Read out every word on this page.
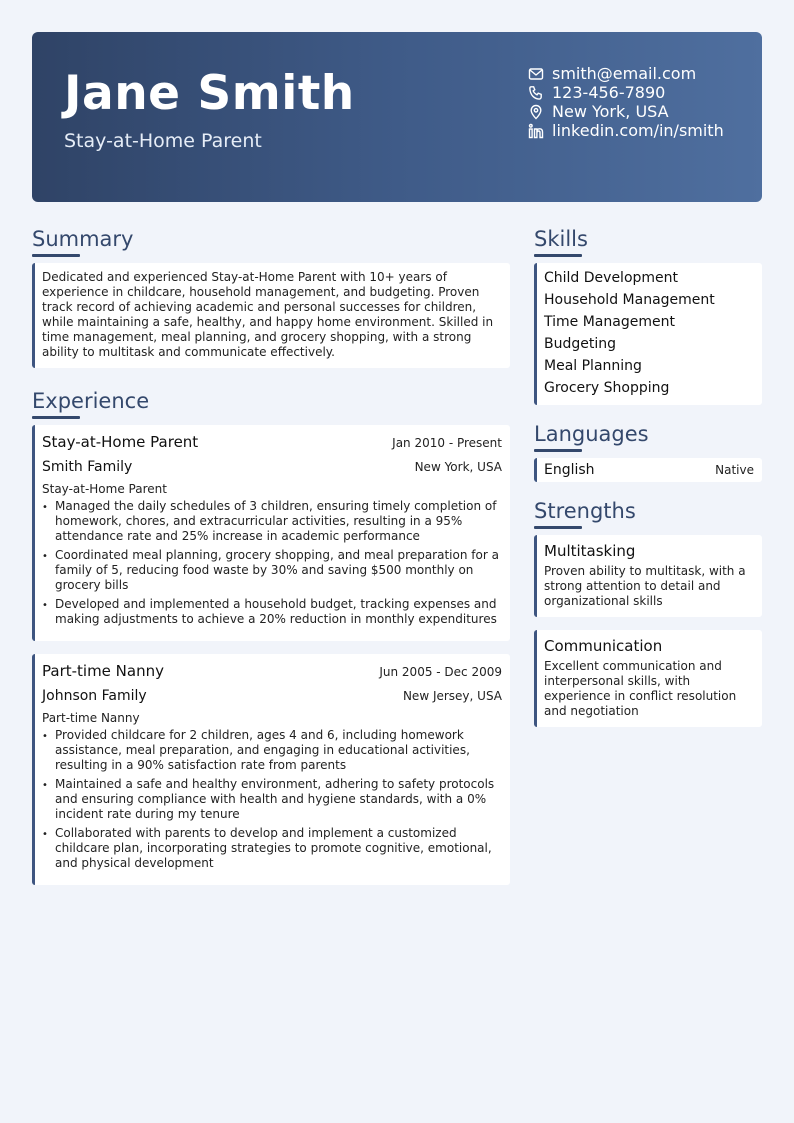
Jane Smith
Stay-at-Home Parent
smith@email.com
123-456-7890
New York, USA
linkedin.com/in/smith
Summary
Dedicated and experienced Stay-at-Home Parent with 10+ years of experience in childcare, household management, and budgeting. Proven track record of achieving academic and personal successes for children, while maintaining a safe, healthy, and happy home environment. Skilled in time management, meal planning, and grocery shopping, with a strong ability to multitask and communicate effectively.
Experience
Stay-at-Home Parent	Jan 2010 - Present
Smith Family	New York, USA
Stay-at-Home Parent
• Managed the daily schedules of 3 children, ensuring timely completion of homework, chores, and extracurricular activities, resulting in a 95% attendance rate and 25% increase in academic performance
• Coordinated meal planning, grocery shopping, and meal preparation for a family of 5, reducing food waste by 30% and saving $500 monthly on grocery bills
• Developed and implemented a household budget, tracking expenses and making adjustments to achieve a 20% reduction in monthly expenditures
Part-time Nanny	Jun 2005 - Dec 2009
Johnson Family	New Jersey, USA
Part-time Nanny
• Provided childcare for 2 children, ages 4 and 6, including homework assistance, meal preparation, and engaging in educational activities, resulting in a 90% satisfaction rate from parents
• Maintained a safe and healthy environment, adhering to safety protocols and ensuring compliance with health and hygiene standards, with a 0% incident rate during my tenure
• Collaborated with parents to develop and implement a customized childcare plan, incorporating strategies to promote cognitive, emotional, and physical development
Skills
Child Development
Household Management
Time Management
Budgeting
Meal Planning
Grocery Shopping
Languages
English	Native
Strengths
Multitasking
Proven ability to multitask, with a strong attention to detail and organizational skills
Communication
Excellent communication and interpersonal skills, with experience in conflict resolution and negotiation
